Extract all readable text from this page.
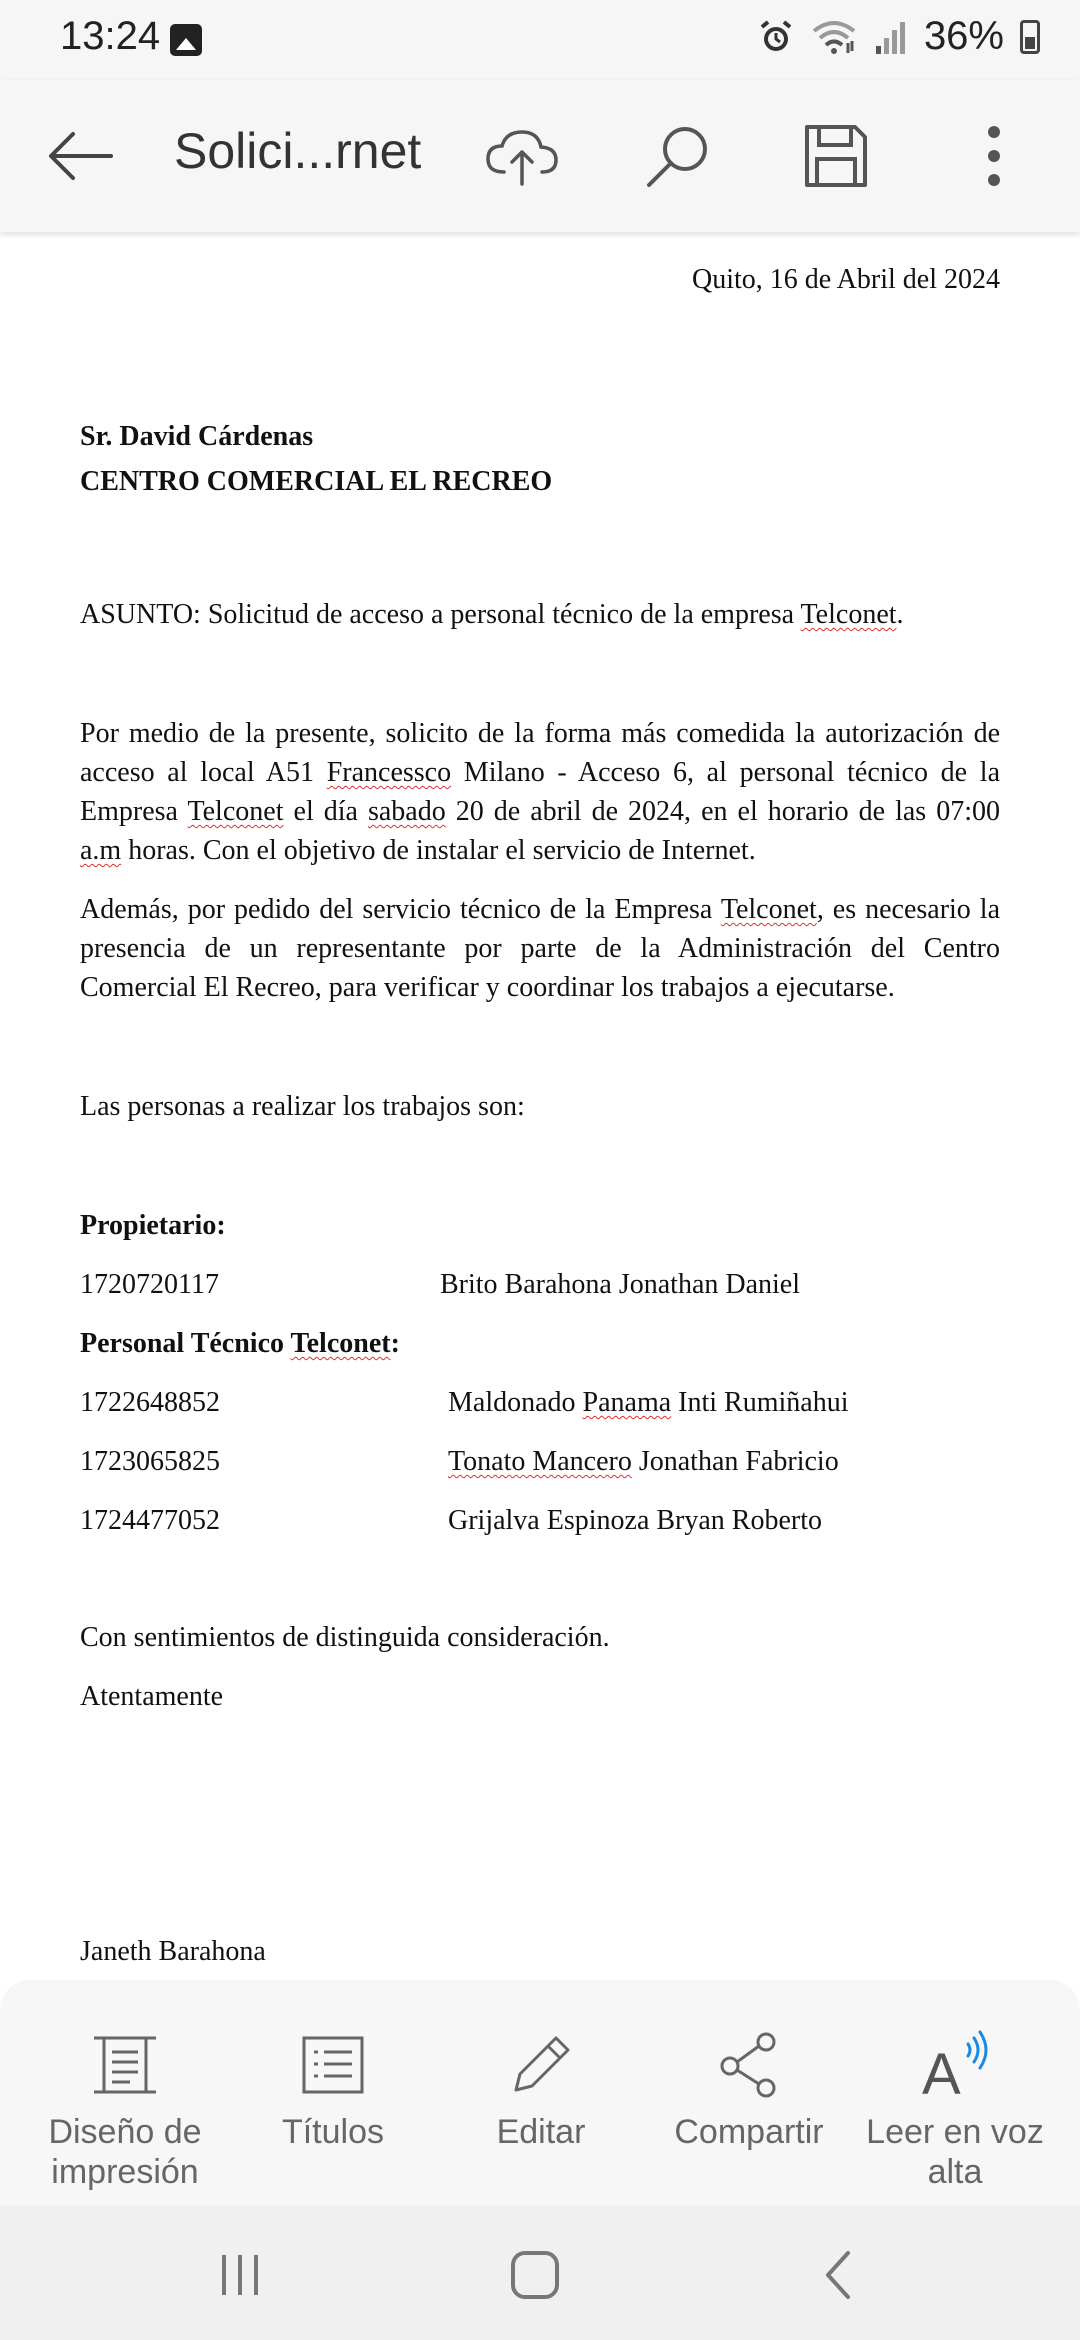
13:24	36%
Solici...rnet

Quito, 16 de Abril del 2024

Sr. David Cárdenas

CENTRO COMERCIAL EL RECREO

ASUNTO: Solicitud de acceso a personal técnico de la empresa Telconet.

Por medio de la presente, solicito de la forma más comedida la autorización de acceso al local A51 Francessco Milano - Acceso 6, al personal técnico de la Empresa Telconet el día sabado 20 de abril de 2024, en el horario de las 07:00 a.m horas. Con el objetivo de instalar el servicio de Internet.

Además, por pedido del servicio técnico de la Empresa Telconet, es necesario la presencia de un representante por parte de la Administración del Centro Comercial El Recreo, para verificar y coordinar los trabajos a ejecutarse.

Las personas a realizar los trabajos son:

Propietario:

1720720117	Brito Barahona Jonathan Daniel

Personal Técnico Telconet:

1722648852	Maldonado Panama Inti Rumiñahui
1723065825	Tonato Mancero Jonathan Fabricio
1724477052	Grijalva Espinoza Bryan Roberto

Con sentimientos de distinguida consideración.

Atentamente

Janeth Barahona

Diseño de impresión
Títulos	Editar	Compartir
A
Leer en voz alta
